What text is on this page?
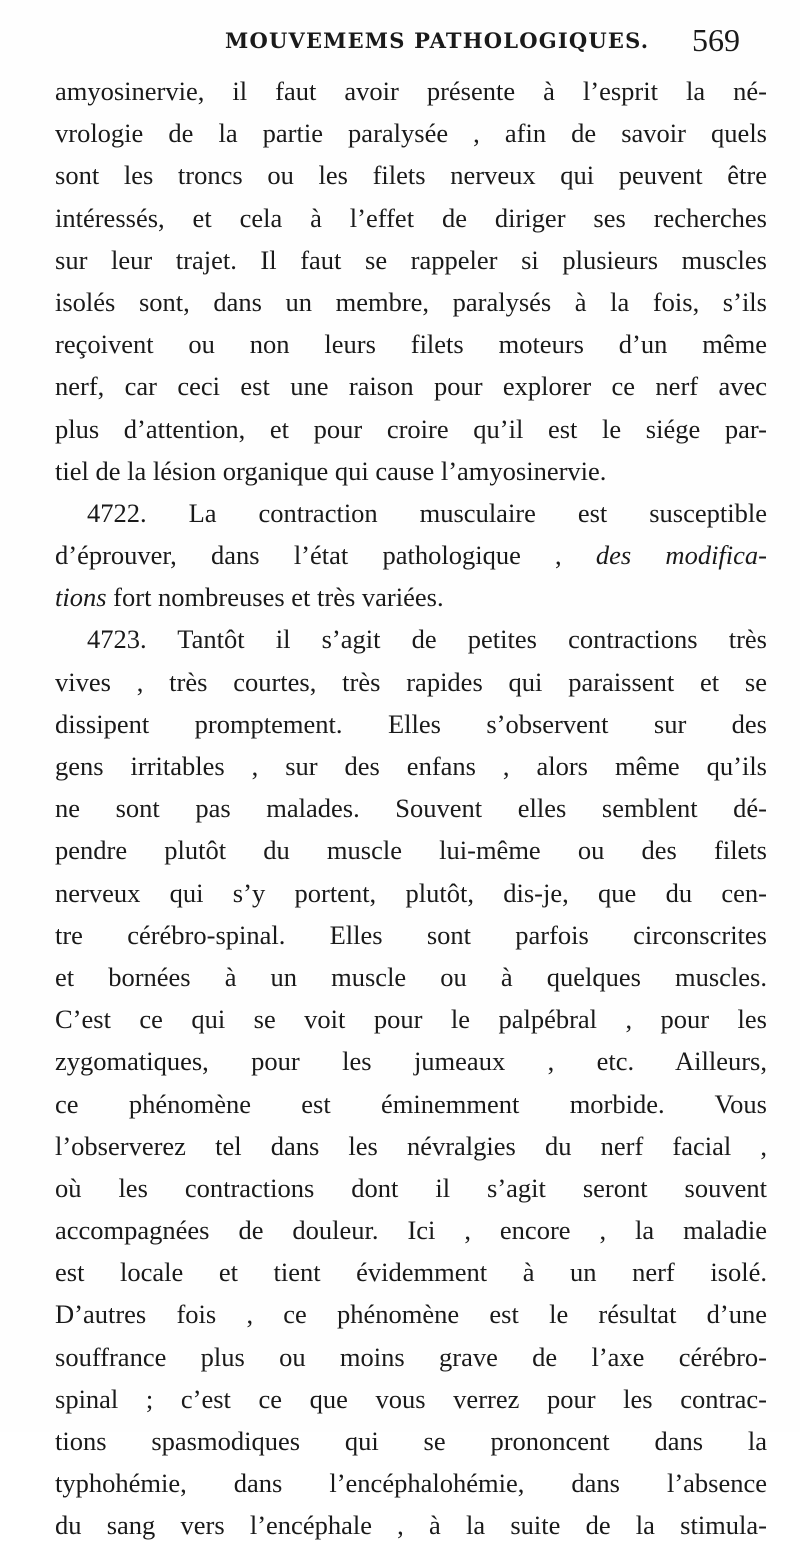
MOUVEMEMS PATHOLOGIQUES. 569
amyosinervie, il faut avoir présente à l’esprit la né-
vrologie de la partie paralysée , afin de savoir quels
sont les troncs ou les filets nerveux qui peuvent être
intéressés, et cela à l’effet de diriger ses recherches
sur leur trajet. Il faut se rappeler si plusieurs muscles
isolés sont, dans un membre, paralysés à la fois, s’ils
reçoivent ou non leurs filets moteurs d’un même
nerf, car ceci est une raison pour explorer ce nerf avec
plus d’attention, et pour croire qu’il est le siége par-
tiel de la lésion organique qui cause l’amyosinervie.
4722. La contraction musculaire est susceptible
d’éprouver, dans l’état pathologique , des modifica-
tions fort nombreuses et très variées.
4723. Tantôt il s’agit de petites contractions très
vives , très courtes, très rapides qui paraissent et se
dissipent promptement. Elles s’observent sur des
gens irritables , sur des enfans , alors même qu’ils
ne sont pas malades. Souvent elles semblent dé-
pendre plutôt du muscle lui-même ou des filets
nerveux qui s’y portent, plutôt, dis-je, que du cen-
tre cérébro-spinal. Elles sont parfois circonscrites
et bornées à un muscle ou à quelques muscles.
C’est ce qui se voit pour le palpébral , pour les
zygomatiques, pour les jumeaux , etc. Ailleurs,
ce phénomène est éminemment morbide. Vous
l’observerez tel dans les névralgies du nerf facial ,
où les contractions dont il s’agit seront souvent
accompagnées de douleur. Ici , encore , la maladie
est locale et tient évidemment à un nerf isolé.
D’autres fois , ce phénomène est le résultat d’une
souffrance plus ou moins grave de l’axe cérébro-
spinal ; c’est ce que vous verrez pour les contrac-
tions spasmodiques qui se prononcent dans la
typhohémie, dans l’encéphalohémie, dans l’absence
du sang vers l’encéphale , à la suite de la stimula-
